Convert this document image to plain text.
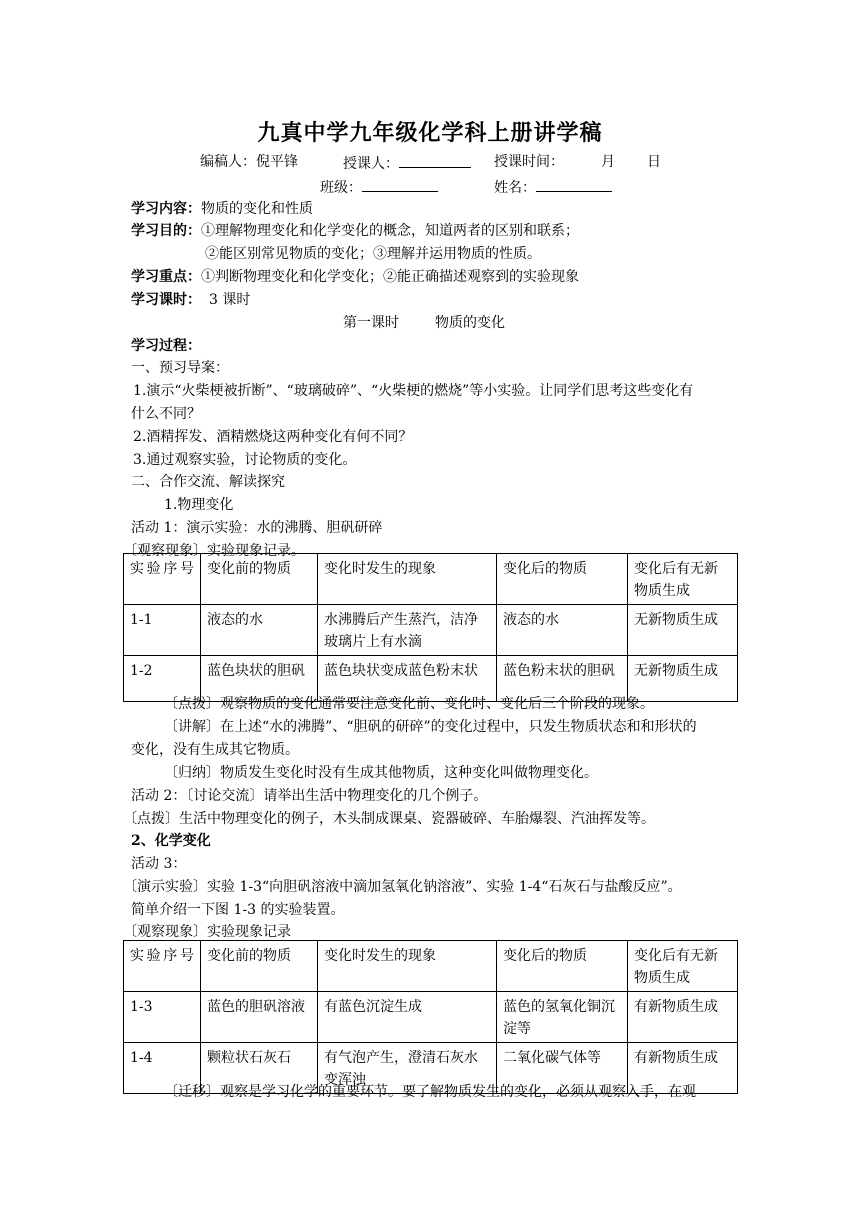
九真中学九年级化学科上册讲学稿
编稿人：倪平锋	授课人：	授课时间：	月 日
班级：	姓名：
学习内容：物质的变化和性质
学习目的：①理解物理变化和化学变化的概念，知道两者的区别和联系；
②能区别常见物质的变化；③理解并运用物质的性质。
学习重点：①判断物理变化和化学变化；②能正确描述观察到的实验现象
学习课时： 3 课时
第一课时	物质的变化
学习过程：
一、预习导案：
1.演示“火柴梗被折断”、“玻璃破碎”、“火柴梗的燃烧”等小实验。让同学们思考这些变化有
什么不同？
2.酒精挥发、酒精燃烧这两种变化有何不同？
3.通过观察实验，讨论物质的变化。
二、合作交流、解读探究
1.物理变化
活动 1：演示实验：水的沸腾、胆矾研碎
〔观察现象〕实验现象记录。
实验序号	变化前的物质	变化时发生的现象	变化后的物质	变化后有无新物质生成
1-1	液态的水	水沸腾后产生蒸汽，洁净玻璃片上有水滴	液态的水	无新物质生成
1-2	蓝色块状的胆矾	蓝色块状变成蓝色粉末状	蓝色粉末状的胆矾	无新物质生成
〔点拨〕观察物质的变化通常要注意变化前、变化时、变化后三个阶段的现象。
〔讲解〕在上述“水的沸腾”、“胆矾的研碎”的变化过程中，只发生物质状态和和形状的
变化，没有生成其它物质。
〔归纳〕物质发生变化时没有生成其他物质，这种变化叫做物理变化。
活动 2：〔讨论交流〕请举出生活中物理变化的几个例子。
〔点拨〕生活中物理变化的例子，木头制成课桌、瓷器破碎、车胎爆裂、汽油挥发等。
2、化学变化
活动 3：
〔演示实验〕实验 1-3“向胆矾溶液中滴加氢氧化钠溶液”、实验 1-4“石灰石与盐酸反应”。
简单介绍一下图 1-3 的实验装置。
〔观察现象〕实验现象记录
实验序号	变化前的物质	变化时发生的现象	变化后的物质	变化后有无新物质生成
1-3	蓝色的胆矾溶液	有蓝色沉淀生成	蓝色的氢氧化铜沉淀等	有新物质生成
1-4	颗粒状石灰石	有气泡产生，澄清石灰水变浑浊	二氧化碳气体等	有新物质生成
〔迁移〕观察是学习化学的重要环节。要了解物质发生的变化，必须从观察入手，在观
